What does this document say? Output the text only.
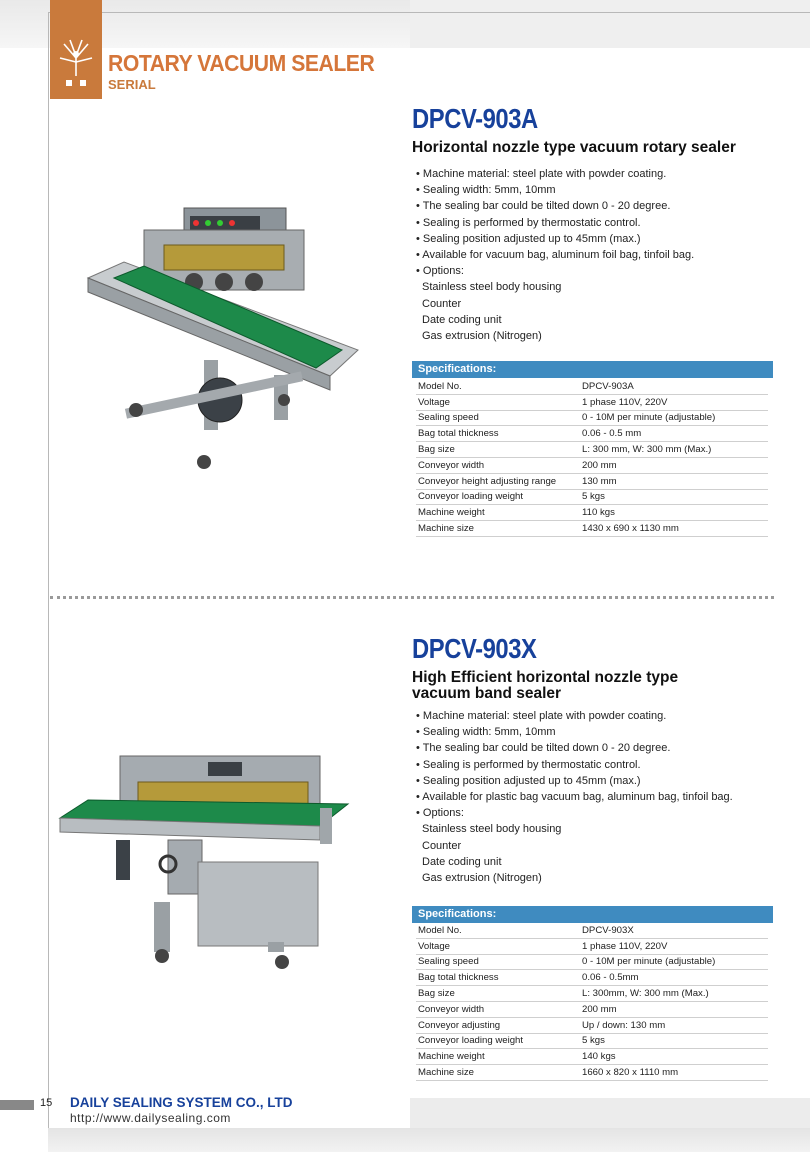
ROTARY VACUUM SEALER
SERIAL
DPCV-903A
Horizontal nozzle type vacuum rotary sealer
• Machine material: steel plate with powder coating.
• Sealing width: 5mm, 10mm
• The sealing bar could be tilted down 0 - 20 degree.
• Sealing is performed by thermostatic control.
• Sealing position adjusted up to 45mm (max.)
• Available for vacuum bag, aluminum foil bag, tinfoil bag.
• Options:
Stainless steel body housing
Counter
Date coding unit
Gas extrusion (Nitrogen)
Specifications:
Model No.	DPCV-903A
Voltage	1 phase 110V, 220V
Sealing speed	0 - 10M per minute (adjustable)
Bag total thickness	0.06 - 0.5 mm
Bag size	L: 300 mm, W: 300 mm (Max.)
Conveyor width	200 mm
Conveyor height adjusting range	130 mm
Conveyor loading weight	5 kgs
Machine weight	110 kgs
Machine size	1430 x 690 x 1130 mm
DPCV-903X
High Efficient horizontal nozzle type
vacuum band sealer
• Machine material: steel plate with powder coating.
• Sealing width: 5mm, 10mm
• The sealing bar could be tilted down 0 - 20 degree.
• Sealing is performed by thermostatic control.
• Sealing position adjusted up to 45mm (max.)
• Available for plastic bag vacuum bag, aluminum bag, tinfoil bag.
• Options:
Stainless steel body housing
Counter
Date coding unit
Gas extrusion (Nitrogen)
Specifications:
Model No.	DPCV-903X
Voltage	1 phase 110V, 220V
Sealing speed	0 - 10M per minute (adjustable)
Bag total thickness	0.06 - 0.5mm
Bag size	L: 300mm, W: 300 mm (Max.)
Conveyor width	200 mm
Conveyor adjusting	Up / down: 130 mm
Conveyor loading weight	5 kgs
Machine weight	140 kgs
Machine size	1660 x 820 x 1110 mm
15 DAILY SEALING SYSTEM CO., LTD
http://www.dailysealing.com
